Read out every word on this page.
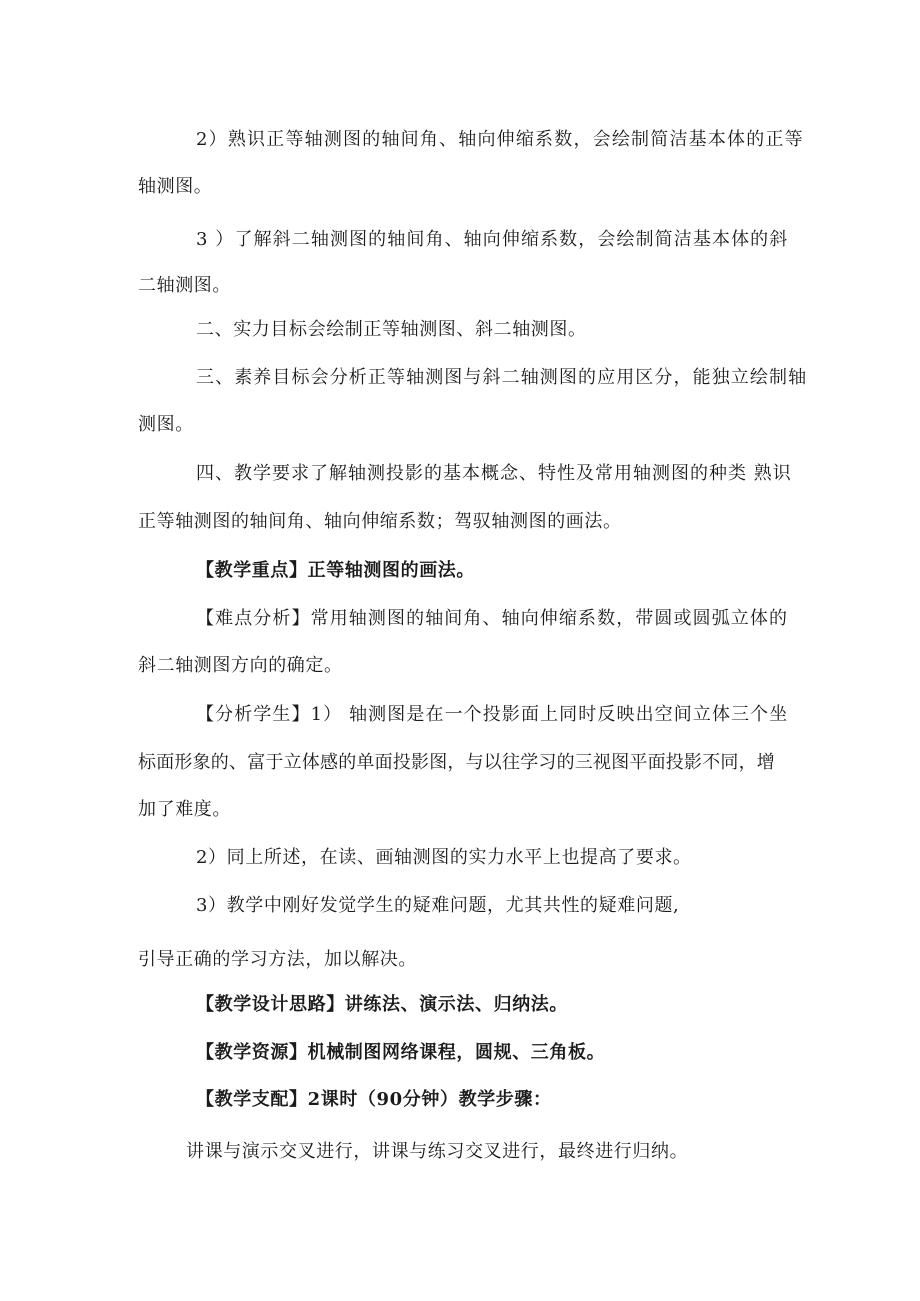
2）熟识正等轴测图的轴间角、轴向伸缩系数，会绘制简洁基本体的正等
轴测图。
3 ）了解斜二轴测图的轴间角、轴向伸缩系数，会绘制简洁基本体的斜
二轴测图。
二、实力目标会绘制正等轴测图、斜二轴测图。
三、素养目标会分析正等轴测图与斜二轴测图的应用区分，能独立绘制轴
测图。
四、教学要求了解轴测投影的基本概念、特性及常用轴测图的种类 熟识
正等轴测图的轴间角、轴向伸缩系数；驾驭轴测图的画法。
【教学重点】正等轴测图的画法。
【难点分析】常用轴测图的轴间角、轴向伸缩系数，带圆或圆弧立体的
斜二轴测图方向的确定。
【分析学生】1） 轴测图是在一个投影面上同时反映出空间立体三个坐
标面形象的、富于立体感的单面投影图，与以往学习的三视图平面投影不同，增
加了难度。
2）同上所述，在读、画轴测图的实力水平上也提高了要求。
3）教学中刚好发觉学生的疑难问题，尤其共性的疑难问题,
引导正确的学习方法，加以解决。
【教学设计思路】讲练法、演示法、归纳法。
【教学资源】机械制图网络课程，圆规、三角板。
【教学支配】2课时（90分钟）教学步骤：
讲课与演示交叉进行，讲课与练习交叉进行，最终进行归纳。
